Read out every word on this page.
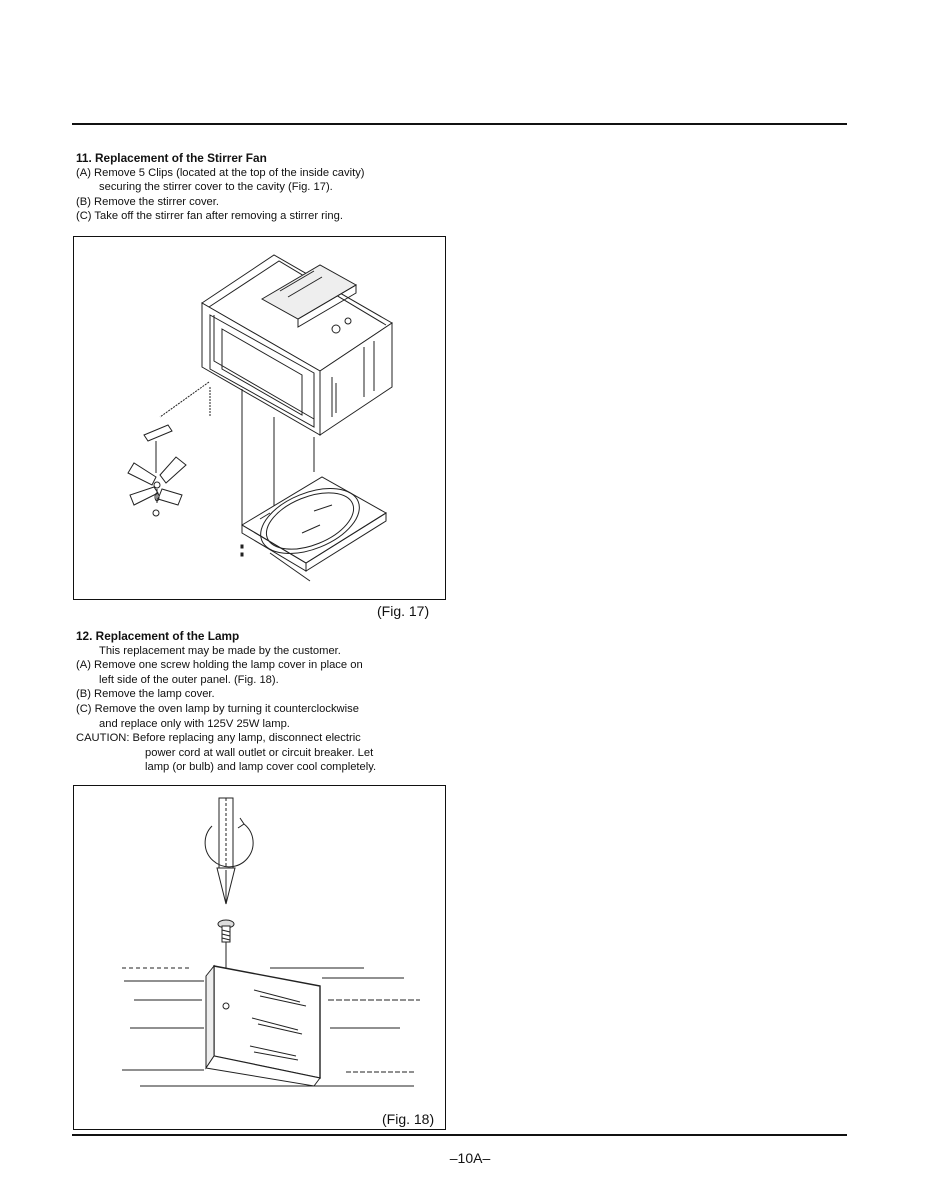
11. Replacement of the Stirrer Fan
(A) Remove 5 Clips (located at the top of the inside cavity)
securing the stirrer cover to the cavity (Fig. 17).
(B) Remove the stirrer cover.
(C) Take off the stirrer fan after removing a stirrer ring.
(Fig. 17)
12. Replacement of the Lamp
This replacement may be made by the customer.
(A) Remove one screw holding the lamp cover in place on
left side of the outer panel. (Fig. 18).
(B) Remove the lamp cover.
(C) Remove the oven lamp by turning it counterclockwise
and replace only with 125V 25W lamp.
CAUTION: Before replacing any lamp, disconnect electric
power cord at wall outlet or circuit breaker. Let
lamp (or bulb) and lamp cover cool completely.
(Fig. 18)
–10A–
